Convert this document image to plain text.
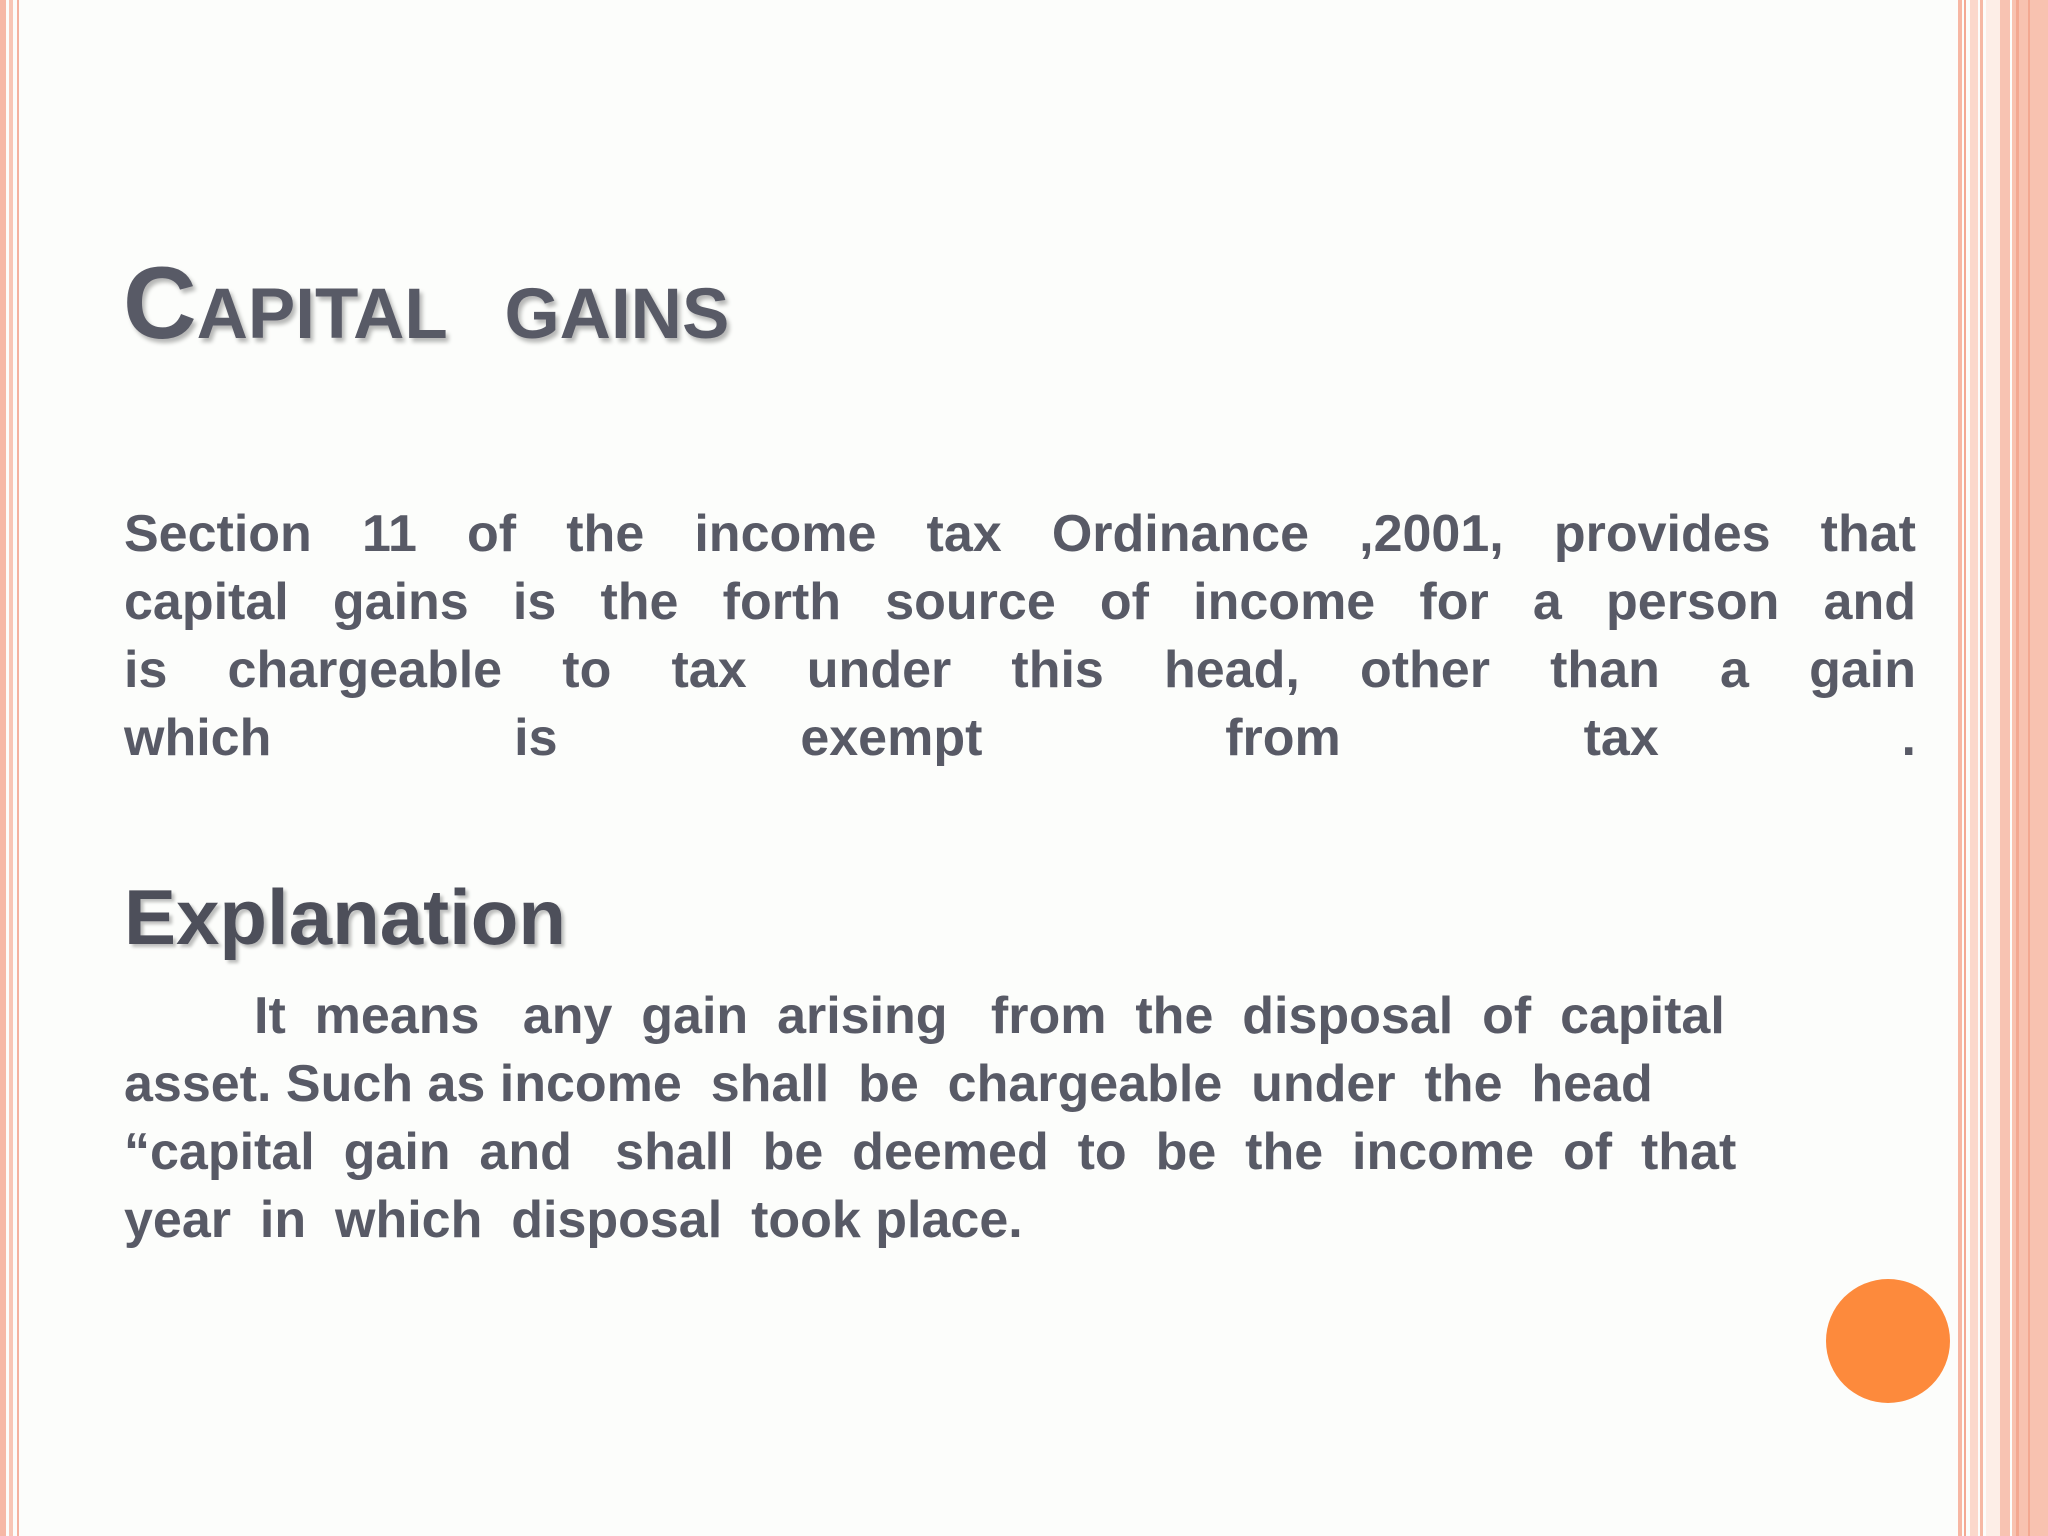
Capital  gains
Section 11 of the income tax Ordinance ,2001, provides that
capital gains is the forth source of income for a person and
is chargeable to tax under this head, other than a gain
which is exempt from tax .
Explanation
It  means   any  gain  arising   from  the  disposal  of  capital
asset. Such as income  shall  be  chargeable  under  the  head
“capital  gain  and   shall  be  deemed  to  be  the  income  of  that
year  in  which  disposal  took place.
